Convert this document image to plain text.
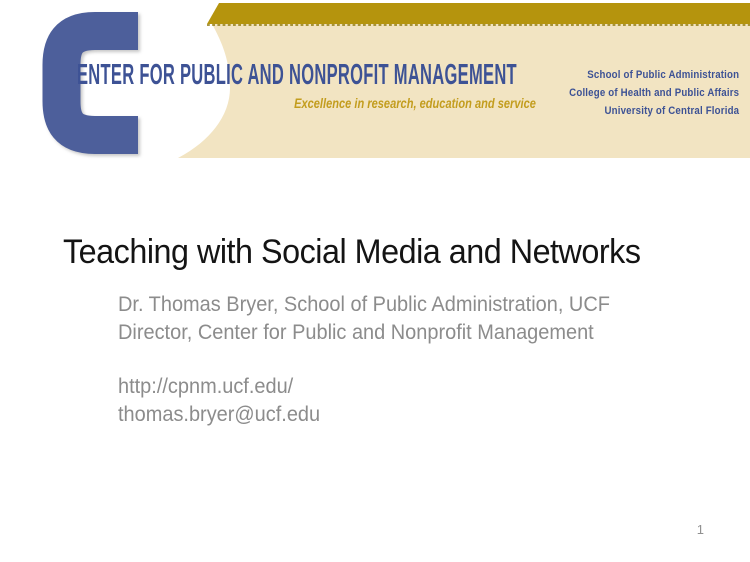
ENTER FOR PUBLIC AND NONPROFIT MANAGEMENT
Excellence in research, education and service
School of Public Administration
College of Health and Public Affairs
University of Central Florida
Teaching with Social Media and Networks
Dr. Thomas Bryer, School of Public Administration, UCF
Director, Center for Public and Nonprofit Management
http://cpnm.ucf.edu/
thomas.bryer@ucf.edu
1
